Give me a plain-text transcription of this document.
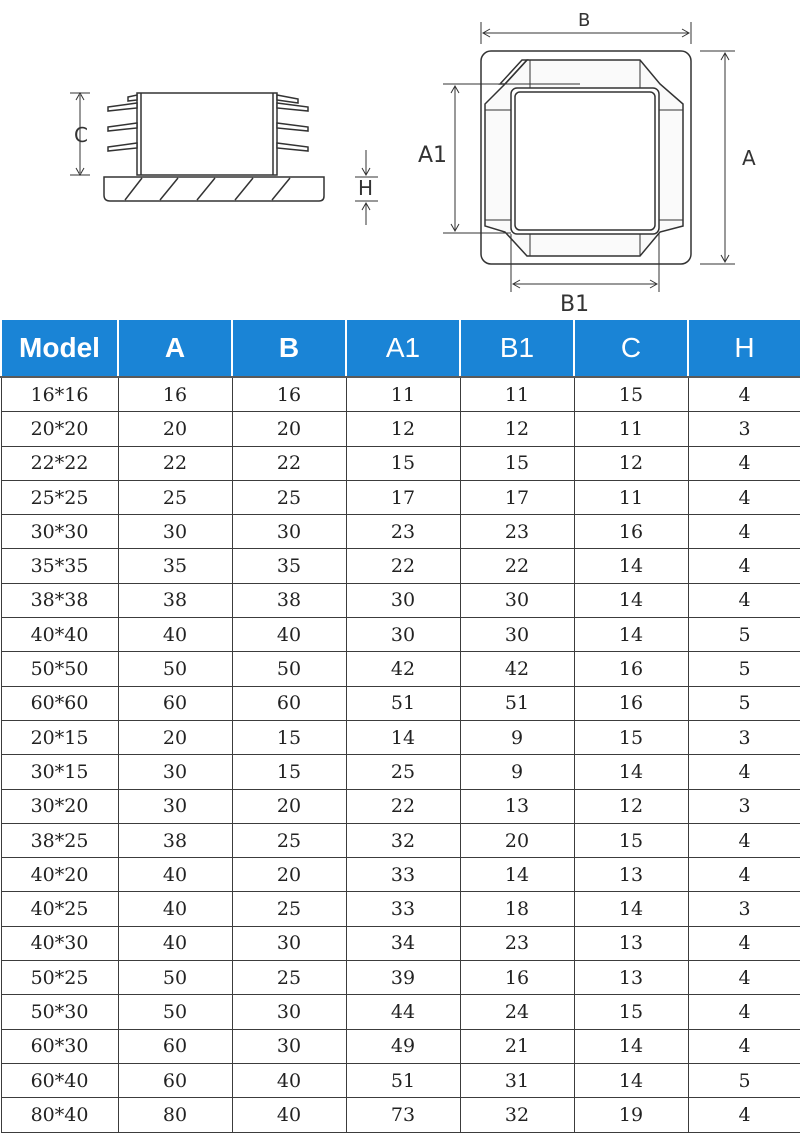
C
H
B
A
A1
B1
Model	A	B	A1	B1	C	H
16*16	16	16	11	11	15	4
20*20	20	20	12	12	11	3
22*22	22	22	15	15	12	4
25*25	25	25	17	17	11	4
30*30	30	30	23	23	16	4
35*35	35	35	22	22	14	4
38*38	38	38	30	30	14	4
40*40	40	40	30	30	14	5
50*50	50	50	42	42	16	5
60*60	60	60	51	51	16	5
20*15	20	15	14	9	15	3
30*15	30	15	25	9	14	4
30*20	30	20	22	13	12	3
38*25	38	25	32	20	15	4
40*20	40	20	33	14	13	4
40*25	40	25	33	18	14	3
40*30	40	30	34	23	13	4
50*25	50	25	39	16	13	4
50*30	50	30	44	24	15	4
60*30	60	30	49	21	14	4
60*40	60	40	51	31	14	5
80*40	80	40	73	32	19	4
